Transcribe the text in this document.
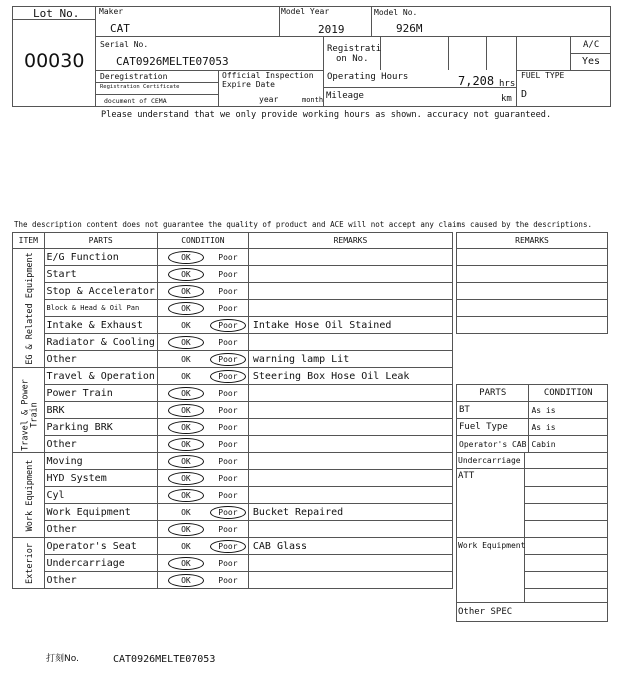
Lot No.
00030
Maker
CAT
Model Year
2019
Model No.
926M
Serial No.
CAT0926MELTE07053
Registrati
on No.
A/C
Yes
Deregistration
Registration Certificate
document of CEMA
Official Inspection
Expire Date
year	month
Operating Hours	7,208 hrs
Mileage	km
FUEL TYPE
D
Please understand that we only provide working hours as shown. accuracy not guaranteed.
The description content does not guarantee the quality of product and ACE will not accept any claims caused by the descriptions.
ITEM	PARTS	CONDITION	REMARKS

EG & Related Equipment	E/G Function	OK Poor	
	Start	OK Poor	
	Stop & Accelerator	OK Poor	
	Block & Head & Oil Pan	OK Poor	
	Intake & Exhaust	OK Poor	Intake Hose Oil Stained
	Radiator & Cooling	OK Poor	
	Other	OK Poor	warning lamp Lit

Travel & Power Train	Travel & Operation	OK Poor	Steering Box Hose Oil Leak
	Power Train	OK Poor	
	BRK	OK Poor	
	Parking BRK	OK Poor	
	Other	OK Poor	

Work Equipment	Moving	OK Poor	
	HYD System	OK Poor	
	Cyl	OK Poor	
	Work Equipment	OK Poor	Bucket Repaired
	Other	OK Poor	

Exterior	Operator's Seat	OK Poor	CAB Glass
	Undercarriage	OK Poor	
	Other	OK Poor	
REMARKS

PARTS	CONDITION
BT	As is
Fuel Type	As is
Operator's CAB	Cabin
Undercarriage
ATT
Work Equipment
Other SPEC
打刻No.	CAT0926MELTE07053
